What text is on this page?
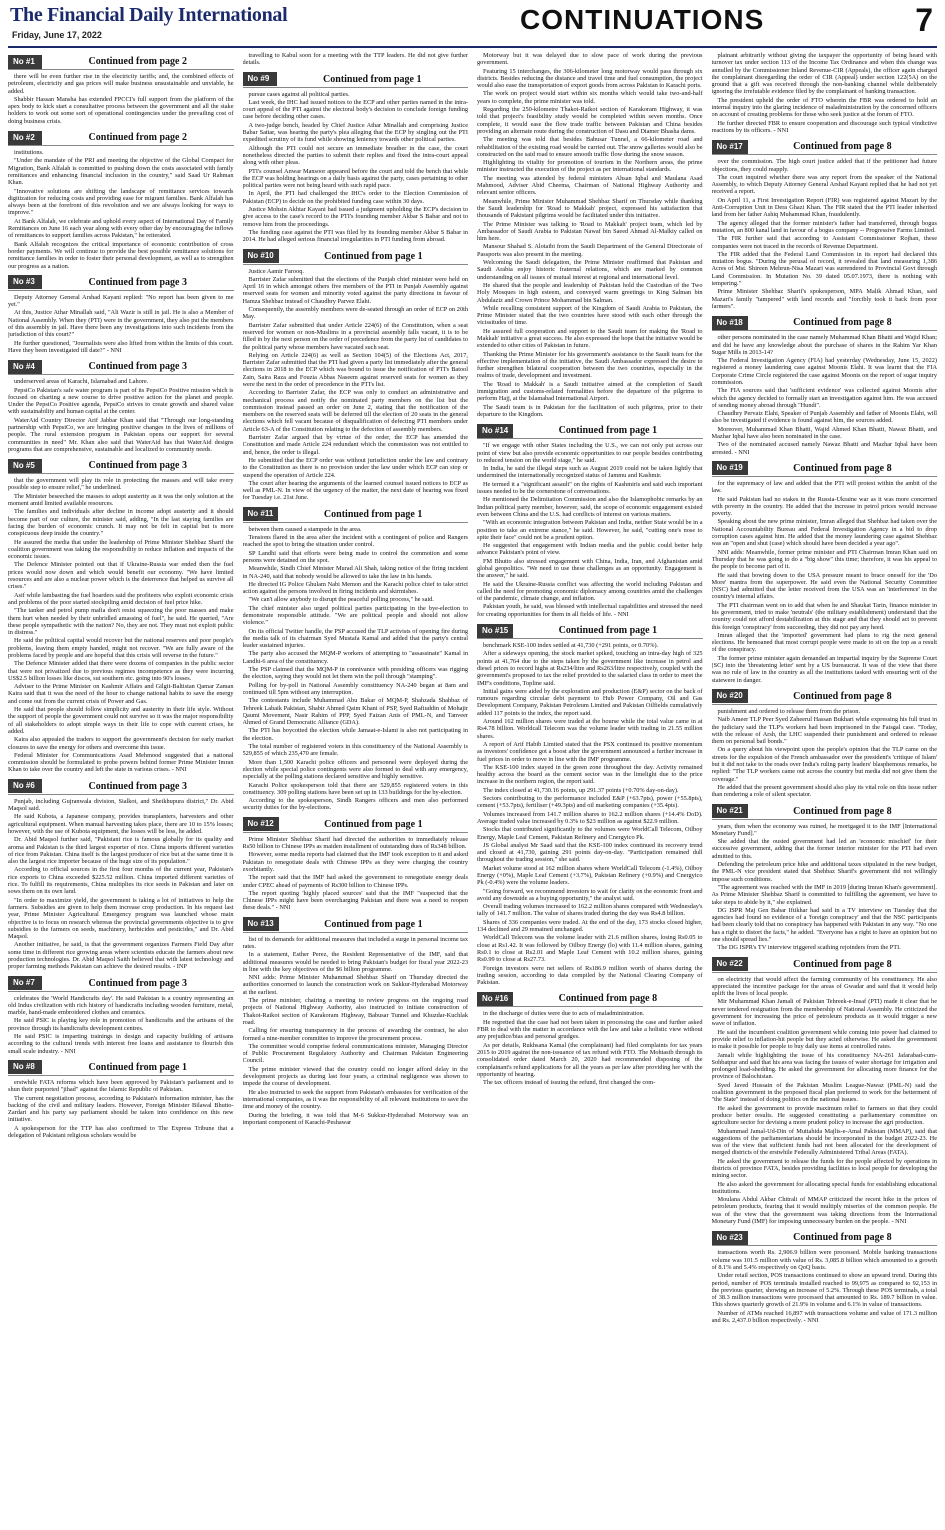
The Financial Daily International
Friday, June 17, 2022	CONTINUATIONS	7
No #1	Continued from page 2

there will be even further rise in the electricity tariffs; and, the combined effects of petroleum, electricity and gas prices will make business unsustainable and unviable, he added.

Shabbir Hassan Mansha has extended FPCCI's full support from the platform of the apex body to kick start a consultative process between the government and all the stake holders to work out some sort of operational contingencies under the prevailing cost of doing business crisis.

No #2	Continued from page 2

institutions.

"Under the mandate of the PRI and meeting the objective of the Global Compact for Migration, Bank Alfalah is committed to pushing down the costs associated with family remittances and enhancing financial inclusion in the country," said Saad Ur Rahman Khan.

"Innovative solutions are shifting the landscape of remittance services towards digitization for reducing costs and providing ease for migrant families. Bank Alfalah has always been at the forefront of this revolution and we are always looking for ways to improve."

At Bank Alfalah, we celebrate and uphold every aspect of International Day of Family Remittances on June 16 each year along with every other day by encouraging the inflows of remittances to support families across Pakistan," he reiterated.

Bank Alfalah recognizes the critical importance of economic contribution of cross border payments. We will continue to provide the best possible remittance solutions for remittance families in order to foster their personal development, as well as to strengthen our progress as a nation.

No #3	Continued from page 3

Deputy Attorney General Arshad Kayani replied: "No report has been given to me yet."

At this, Justice Athar Minallah said, "Ali Wazir is still in jail. He is also a Member of National Assembly. When they (PTI) were in the government, they also put the members of this assembly in jail. Have there been any investigations into such incidents from the jurisdiction of this court?"

He further questioned, "Journalists were also lifted from within the limits of this court. Have they been investigated till date?" - NNI

No #4	Continued from page 3

underserved areas of Karachi, Islamabad and Lahore.

PepsiCo Pakistan's safe water program is part of its PepsiCo Positive mission which is focused on charting a new course to drive positive action for the planet and people. Under the PepsiCo Positive agenda, PepsiCo strives to create growth and shared value with sustainability and human capital at the center.

WaterAid Country Director Arif Jabbar Khan said that "Through our long-standing partnership with PepsiCo, we are bringing positive changes in the lives of millions of people. The rural extension program in Pakistan opens our support for several communities in need" Mr. Khan also said that WaterAid has that WaterAid designs programs that are comprehensive, sustainable and localized to community needs.

No #5	Continued from page 3

that the government will play its role in protecting the masses and will take every possible step to ensure relief," he underlined.

The Minister beseeched the masses to adopt austerity as it was the only solution at the moment amid limited available resources.

The families and individuals after decline in income adopt austerity and it should become part of our culture, the minister said, adding, "In the last staying families are facing the burden of economic crunch. It may not be felt in capital but is more conspicuous deep inside the country."

He assured the media that under the leadership of Prime Minister Shehbaz Sharif the coalition government was taking the responsibility to reduce inflation and impacts of the economic issues.

The Defence Minister pointed out that if Ukraine-Russia war ended then the fuel prices would now down and which would benefit our economy. "We have limited resources and are also a nuclear power which is the deterrence that helped us survive all crises."

Asif while lambasting the fuel hoarders said the profiteers who exploit economic crisis and problems of the poor started stockpiling amid decision of fuel price hike.

"The tanker and petrol pump mafia don't resist squeezing the poor masses and make them hurt when needed by their unbridled amassing of fuel", he said. He queried, "Are these people sympathetic with the nation? No, they are not. They must not exploit public in distress."

He said the political capital would recover but the national reserves and poor people's problems, leaving them empty handed, might not recover. "We are fully aware of the problems faced by people and are hopeful that this crisis will reverse in the future."

The Defence Minister added that there were dozens of companies in the public sector that were not privatized due to previous regimes incompetence as they were incurring US$2.5 billion losses like discos, sui southern etc. going into 90's losses.

Adviser to the Prime Minister on Kashmir Affairs and Gilgit-Baltistan Qamar Zaman Kaira said that it was the need of the hour to change national habits to save the energy and come out from the current crisis of Power and Gas.

He said that people should follow simplicity and austerity in their life style. Without the support of people the government could not survive so it was the major responsibility of all stakeholders to adopt simple ways in their life to cope with current crises, he added.

Kaira also appealed the traders to support the government's decision for early market closures to save the energy for others and overcome this issue.

Federal Minister for Communications Asad Mehmood suggested that a national commission should be formulated to probe powers behind former Prime Minister Imran Khan to take over the country and left the state in various crises. - NNI

No #6	Continued from page 3

Punjab, including Gujranwala division, Sialkot, and Sheikhupura district," Dr. Abid Maqsol said.

He said Kubota, a Japanese company, provides transplanters, harvesters and other agricultural equipment. When manual harvesting takes place, there are 10 to 15% losses; however, with the use of Kubota equipment, the losses will be less, he added.

Dr. Abid Maqsol further said, "Pakistani rice is famous globally for its quality and aroma and Pakistan is the third largest exporter of rice. China imports different varieties of rice from Pakistan. China itself is the largest producer of rice but at the same time it is also the largest rice importer because of the huge size of its population."

According to official sources in the first four months of the current year, Pakistan's rice exports to China exceeded $225.52 million. China imported different varieties of rice. To fulfill its requirements, China multiplies its rice seeds in Pakistan and later on sows them on its own land.

"In order to maximize yield, the government is taking a lot of initiatives to help the farmers. Subsidies are given to help them increase crop production. In his request last year, Prime Minister Agricultural Emergency program was launched whose main objective is to focus on research whereas the provincial governments objective is to give subsidies to the farmers on seeds, machinery, herbicides and pesticides," and Dr. Abid Maqsol.

Another initiative, he said, is that the government organizes Farmers Field Day after some time in different rice growing areas where scientists educate the farmers about new production technologies. Dr. Abid Maqsol Saith believed that with latest technology and proper farming methods Pakistan can achieve the desired results. - INP

No #7	Continued from page 3

celebrates the 'World Handicrafts day'. He said Pakistan is a country representing an old Indus civilization with rich history of handicrafts including wooden furniture, metal, marble, hand-made embroidered clothes and ceramics.

He said PSIC is playing key role in promotion of handicrafts and the artisans of the province through its handicrafts development centres.

He said PSIC is imparting trainings in design and capacity building of artisans according to the cultural trends with interest free loans and assistance to flourish this small scale industry. - NNI

No #8	Continued from page 1

erstwhile FATA reforms which have been approved by Pakistan's parliament and to shun their purported "jihad" against the Islamic Republic of Pakistan.

The current negotiation process, according to Pakistan's information minister, has the backing of the civil and military leaders. However, Foreign Minister Bilawal Bhutto-Zardari and his party say parliament should be taken into confidence on this new initiative.

A spokesperson for the TTP has also confirmed to The Express Tribune that a delegation of Pakistani religious scholars would be

travelling to Kabul soon for a meeting with the TTP leaders. He did not give further details.

No #9	Continued from page 1

pursue cases against all political parties.

Last week, the IHC had issued notices to the ECP and other parties named in the intra-court appeal of the PTI against the electoral body's decision to conclude foreign funding case before deciding other cases.

A two-judge bench, headed by Chief Justice Athar Minallah and comprising Justice Babar Sattar, was hearing the party's plea alleging that the ECP by singling out the PTI expedited scrutiny of its fund while showing leniency towards other political parties.

Although the PTI could not secure an immediate breather in the case, the court nonetheless directed the parties to submit their replies and fixed the intra-court appeal along with other pleas.

PTI's counsel Anwar Mansoor appeared before the court and told the bench that while the ECP was holding hearings on a daily basis against the party, cases pertaining to other political parties were not being heard with such rapid pace.

In April, the PTI had challenged the IHC's order to the Election Commission of Pakistan (ECP) to decide on the prohibited funding case within 30 days.

Justice Mohsin Akhtar Kayani had issued a judgment upholding the ECP's decision to give access to the case's record to the PTI's founding member Akbar S Babar and not to remove him from the proceedings.

The funding case against the PTI was filed by its founding member Akbar S Babar in 2014. He had alleged serious financial irregularities in PTI funding from abroad.

No #10	Continued from page 1

Justice Aamir Farooq.

Barrister Zafar submitted that the elections of the Punjab chief minister were held on April 16 in which amongst others five members of the PTI in Punjab Assembly against reserved seats for women and minority voted against the party directions in favour of Hamza Shehbaz instead of Chaudhry Parvez Elahi.

Consequently, the assembly members were de-seated through an order of ECP on 20th May.

Barrister Zafar submitted that under Article 224(6) of the Constitution, when a seat reserved for women or non-Muslims in a provincial assembly falls vacant, it is to be filled in by the next person on the order of precedence from the party list of candidates to the political party whose members have vacated such seat.

Relying on Article 224(6) as well as Section 104(5) of the Elections Act, 2017, Barrister Zafar submitted that the PTI had given a party list immediately after the general elections in 2018 to the ECP which was bound to issue the notification of PTI's Batool Zain, Saira Raza and Fouzia Abbas Naseem against reserved seats for women as they were the next in the order of precedence in the PTI's list.

According to Barrister Zafar, the ECP was only to conduct an administrative and mechanical process and notify the nominated party members on the list but the commission instead passed an order on June 2, stating that the notification of the members on the reserved seats will be deferred till the election of 20 seats in the general elections which fell vacant because of disqualification of defecting PTI members under Article 63-A of the Constitution relating to the defection of assembly members.

Barrister Zafar argued that by virtue of the order, the ECP has amended the Constitution and made Article 224 redundant which the commission was not entitled to and, hence, the order is illegal.

He submitted that the ECP order was without jurisdiction under the law and contrary to the Constitution as there is no provision under the law under which ECP can stop or suspend the operation of Article 224.

The court after hearing the arguments of the learned counsel issued notices to ECP as well as PML-N. In view of the urgency of the matter, the next date of hearing was fixed for Tuesday i.e. 21st June.

No #11	Continued from page 1

between them caused a stampede in the area.

Tensions flared in the area after the incident with a contingent of police and Rangers reached the spot to bring the situation under control.

SP Landhi said that efforts were being made to control the commotion and some persons were detained on the spot.

Meanwhile, Sindh Chief Minister Murad Ali Shah, taking notice of the firing incident in NA-240, said that nobody would be allowed to take the law in his hands.

He directed IG Police Ghulam Nabi Memon and the Karachi police chief to take strict action against the persons involved in firing incidents and skirmishes.

"We can't allow anybody to disrupt the peaceful polling process," he said.

The chief minister also urged political parties participating in the bye-election to demonstrate responsible attitude. "We are political people and should not allow violence."

On its official Twitter handle, the PSP accused the TLP activists of opening fire during the media talk of its chairman Syed Mustafa Kamal and added that the party's central leader sustained injuries.

The party also accused the MQM-P workers of attempting to "assassinate" Kamal in Landhi-6 area of the constituency.

The PSP claimed that the MQM-P in connivance with presiding officers was rigging the election, saying they would not let them win the poll through "stamping".

Polling for by-poll in National Assembly constituency NA-240 began at 8am and continued till 5pm without any interruption.

The contestants include Muhammad Abu Bakar of MQM-P, Shahzada Shahbaz of Tehreek Labaik Pakistan, Shabir Ahmed Qaim Khani of PSP, Syed Rafiuddin of Mohajir Qaumi Movement, Nasir Rahim of PPP, Syed Faizan Anis of PML-N, and Tanveer Ahmed of Grand Democratic Alliance (GDA).

The PTI has boycotted the election while Jamaat-e-Islami is also not participating in the election.

The total number of registered voters in this constituency of the National Assembly is 529,855 of which 235,470 are female.

More than 1,500 Karachi police officers and personnel were deployed during the election while special police contingents were also formed to deal with any emergency, especially at the polling stations declared sensitive and highly sensitive.

Karachi Police spokesperson told that there are 529,855 registered voters in this constituency. 309 polling stations have been set up in 133 buildings for the by-election.

According to the spokesperson, Sindh Rangers officers and men also performed security duties for the by-elections.

No #12	Continued from page 1

Prime Minister Shehbaz Sharif had directed the authorities to immediately release Rs50 billion to Chinese IPPs as maiden installment of outstanding dues of Rs348 billion.

However, some media reports had claimed that the IMF took exception to it and asked Pakistan to renegotiate deals with Chinese IPPs as they were charging the country exorbitantly.

The report said that the IMF had asked the government to renegotiate energy deals under CPEC ahead of payments of Rs300 billion to Chinese IPPs.

The report quoting 'highly placed sources' said that the IMF "suspected that the Chinese IPPs might have been overcharging Pakistan and there was a need to reopen these deals." - NNI

No #13	Continued from page 1

list of its demands for additional measures that included a surge in personal income tax rates.

In a statement, Esther Perez, the Resident Representative of the IMF, said that additional measures would be needed to bring Pakistan's budget for fiscal year 2022-23 in line with the key objectives of the $6 billion programme.

NNI adds: Prime Minister Muhammad Shehbaz Sharif on Thursday directed the authorities concerned to launch the construction work on Sukkur-Hyderabad Motorway at the earliest.

The prime minister, chairing a meeting to review progress on the ongoing road projects of National Highway Authority, also instructed to initiate construction of Thakot-Raikot section of Karakoram Highway, Babusar Tunnel and Khuzdar-Kuchlak road.

Calling for ensuring transparency in the process of awarding the contract, he also formed a nine-member committee to improve the procurement process.

The committee would comprise federal communications minister, Managing Director of Public Procurement Regulatory Authority and Chairman Pakistan Engineering Council.

The prime minister viewed that the country could no longer afford delay in the development projects as during last four years, a criminal negligence was shown to impede the course of development.

He also instructed to seek the support from Pakistan's embassies for verification of the international companies, as it was the responsibility of all relevant institutions to save the time and money of the country.

During the briefing, it was told that M-6 Sukkur-Hyderabad Motorway was an important component of Karachi-Peshawar

Motorway but it was delayed due to slow pace of work during the previous government.

Featuring 15 interchanges, the 306-kilometer long motorway would pass through six districts. Besides reducing the distance and travel time and fuel consumption, the project would also ease the transportation of export goods from across Pakistan to Karachi ports.

The work on project would start within six months which would take two-and-half years to complete, the prime minister was told.

Regarding the 250-kilometre Thakot-Raikot section of Karakoram Highway, it was told that project's feasibility study would be completed within seven months. Once complete, it would ease the flow trade traffic between Pakistan and China besides providing an alternate route during the construction of Dasu and Diamer Bhasha dams.

The meeting was told that besides Babusar Tunnel, a 66-kilometer road and rehabilitation of the existing road would be carried out. The snow galleries would also be constructed on the said road to ensure smooth traffic flow during the snow season.

Highlighting its vitality for promotion of tourism in the Northern areas, the prime minister instructed the execution of the project as per international standards.

The meeting was attended by federal ministers Ahsan Iqbal and Maulana Asad Mahmood, Adviser Abid Cheema, Chairman of National Highway Authority and relevant senior officers.

Meanwhile, Prime Minister Muhammad Shehbaz Sharif on Thursday while thanking the Saudi leadership for 'Road to Makkah' project, expressed his satisfaction that thousands of Pakistani pilgrims would be facilitated under this initiative.

The Prime Minister was talking to 'Road to Makkah' project team, which led by Ambassador of Saudi Arabia to Pakistan Nawaf bin Saeed Ahmad Al-Malkiy called on him here.

Mansour Shahad S. Alotaibi from the Saudi Department of the General Directorate of Passports was also present in the meeting.

Welcoming the Saudi delegation, the Prime Minister reaffirmed that Pakistan and Saudi Arabia enjoy historic fraternal relations, which are marked by common understanding on all issues of mutual interest at regional and international level.

He shared that the people and leadership of Pakistan hold the Custodian of the Two Holy Mosques in high esteem, and conveyed warm greetings to King Salman bin Abdulaziz and Crown Prince Mohammad bin Salman.

While recalling consistent support of the Kingdom of Saudi Arabia to Pakistan, the Prime Minister stated that the two countries have stood with each other through the vicissitudes of time.

He assured full cooperation and support to the Saudi team for making the 'Road to Makkah' initiative a great success. He also expressed the hope that the initiative would be extended to other cities of Pakistan in future.

Thanking the Prime Minister for his government's assistance to the Saudi team for the effective implementation of the initiative, the Saudi Ambassador expressed the desire to further strengthen bilateral cooperation between the two countries, especially in the realms of trade, development and investment.

The 'Road to Makkah' is a Saudi initiative aimed at the completion of Saudi immigration and customs-related formalities before the departure of the pilgrims to perform Hajj, at the Islamabad International Airport.

The Saudi team is in Pakistan for the facilitation of such pilgrims, prior to their departure to the Kingdom.

No #14	Continued from page 1

"If we engage with other States including the U.S., we can not only put across our point of view but also provide economic opportunities to our people besides contributing to reduced tension on the world stage," he said.

In India, he said the illegal steps such as August 2019 could not be taken lightly that undermined the internationally recognized status of Jammu and Kashmir.

He termed it a "significant assault" on the rights of Kashmiris and said such important issues needed to be the cornerstone of conversations.

He mentioned the Delimitation Commission and also the Islamophobic remarks by an Indian political party member, however, said, the scope of economic engagement existed even between China and the U.S. had conflicts of interest on various matters.

"With an economic integration between Pakistan and India, neither State would be in a position to take an extreme stance," he said. However, he said, "cutting one's nose to spite their face" could not be a prudent option.

He suggested that engagement with Indian media and the public could better help advance Pakistan's point of view.

FM Bhutto also stressed engagement with China, India, Iran, and Afghanistan amid global geopolitics. "We need to use these challenges as an opportunity. Engagement is the answer," he said.

He said the Ukraine-Russia conflict was affecting the world including Pakistan and called the need for promoting economic diplomacy among countries amid the challenges of the pandemic, climate change, and inflation.

Pakistan youth, he said, was blessed with intellectual capabilities and stressed the need for creating opportunities for them in all fields of life. - NNI

No #15	Continued from page 1

benchmark KSE-100 index settled at 41,730 (+291 points, or 0.70%).

After a sideways opening, the stock market spiked, touching an intra-day high of 325 points at 41,764 due to the steps taken by the government like increase in petrol and diesel prices to record highs at Rs234/litre and Rs263/litre respectively, coupled with the government's proposed to tax the relief provided to the salaried class in order to meet the IMF's conditions, Topline said.

Initial gains were aided by the exploration and production (E&P) sector on the back of rumours regarding circular debt payment to Hub Power Company, Oil and Gas Development Company, Pakistan Petroleum Limited and Pakistan Oilfields cumulatively added 117 points to the index, the report said.

Around 162 million shares were traded at the bourse while the total value came in at Rs4.78 billion. Worldcall Telecom was the volume leader with trading in 21.55 million shares.

A report of Arif Habib Limited stated that the PSX continued its positive momentum as investors' confidence got a boost after the government announced a further increase in fuel prices in order to move in line with the IMF programme.

The KSE-100 index stayed in the green zone throughout the day. Activity remained healthy across the board as the cement sector was in the limelight due to the price increase in the northern region, the report said.

The index closed at 41,730.16 points, up 291.37 points (+0.70% day-on-day).

Sectors contributing to the performance included E&P (+63.7pts), power (+55.8pts), cement (+53.7pts), fertiliser (+49.3pts) and oil marketing companies (+35.4pts).

Volumes increased from 141.7 million shares to 162.2 million shares (+14.4% DoD). Average traded value increased by 0.3% to $23 million as against $22.9 million.

Stocks that contributed significantly to the volumes were WorldCall Telecom, Oilboy Energy, Maple Leaf Cement, Pakistan Refinery and Cnergyico Pk.

JS Global analyst Mr Saad said that the KSE-100 index continued its recovery trend and closed at 41,730, gaining 291 points day-on-day. "Participation remained dull throughout the trading session," she said.

Market volume stood at 162 million shares where WorldCall Telecom (-1.4%), Oilboy Energy (+0%), Maple Leaf Cement (+3.7%), Pakistan Refinery (+0.9%) and Cnergyico Pk (-0.4%) were the volume leaders.

"Going forward, we recommend investors to wait for clarity on the economic front and avoid any downside as a buying opportunity," the analyst said.

Overall trading volumes increased to 162.2 million shares compared with Wednesday's tally of 141.7 million. The value of shares traded during the day was Rs4.8 billion.

Shares of 336 companies were traded. At the end of the day, 173 stocks closed higher, 134 declined and 29 remained unchanged.

WorldCall Telecom was the volume leader with 21.6 million shares, losing Rs0.05 to close at Rs1.42. It was followed by Oilboy Energy (lo) with 11.4 million shares, gaining Rs0.1 to close at Rs2.01 and Maple Leaf Cement with 10.2 million shares, gaining Rs0.99 to close at Rs27.73.

Foreign investors were net sellers of Rs186.9 million worth of shares during the trading session, according to data compiled by the National Clearing Company of Pakistan.

No #16	Continued from page 8

in the discharge of duties were due to acts of maladministration.

He regretted that the case had not been taken in processing the case and further asked FBR to deal with the matter in accordance with the law and take a holistic view without any prejudice/bias and personal grudges.

As per details, Rukhsana Kamal (the complainant) had filed complaints for tax years 2015 to 2019 against the non-issuance of tax refund with FTO. The Mohtasib through its consolidated order dated March 20, 2020 had recommended disposing of the complainant's refund applications for all the years as per law after providing her with the opportunity of hearing.

The tax officers instead of issuing the refund, first changed the com-

plainant arbitrarily without giving the taxpayer the opportunity of being heard with turnover tax under section 113 of the Income Tax Ordinance and when this change was annulled by the Commissioner Inland Revenue-CIR (Appeals), the officer again charged the complainant disregarding the order of CIR (Appeal) under section 122(5A) on the ground that a gift was received through the non-banking channel while deliberately ignoring the irrefutable evidence filed by the complainant of banking transaction.

The president upheld the order of FTO wherein the FBR was ordered to hold an internal inquiry into the glaring incidence of maladministration by the concerned officers on account of creating problems for those who seek justice at the forum of FTO.

He further directed FBR to ensure cooperation and discourage such typical vindictive reactions by its officers. - NNI

No #17	Continued from page 8

over the commission. The high court justice added that if the petitioner had future objections, they could reapply.

The court inquired whether there was any report from the speaker of the National Assembly, to which Deputy Attorney General Arshad Kayani replied that he had not yet received a report.

On April 11, a First Investigation Report (FIR) was registered against Mazari by the Anti-Corruption Unit in Dera Ghazi Khan. The FIR stated that the PTI leader inherited land from her father Ashiq Muhammad Khan, fraudulently.

The agency alleged that the former minister's father had transferred, through bogus mutation, an 800 kanal land in favour of a bogus company -- Progressive Farms Limited.

The FIR further said that according to Assistant Commissioner Rojhan, these companies were not traced in the records of Revenue Department.

The FIR added that the Federal Land Commission in its report had declared this mutation bogus. "During the perusal of record, it revealed that land measuring 1,386 Acres of Mst. Shireen Mehrun-Nisa Mazari was surrendered to Provincial Govt through Land Commission. In Mutation No. 39 dated 05.07.1973, there is nothing with tempering."

Prime Minister Shehbaz Sharif's spokesperson, MPA Malik Ahmad Khan, said Mazari's family "tampered" with land records and "forcibly took it back from poor farmers".

No #18	Continued from page 8

other persons nominated in the case namely Muhammad Khan Bhatti and Wajid Khan; and did he have any knowledge about the purchase of shares in the Rahim Yar Khan Sugar Mills in 2013-14?

The Federal Investigation Agency (FIA) had yesterday (Wednesday, June 15, 2022) registered a money laundering case against Moonis Elahi. It was learnt that the FIA Corporate Crime Circle registered the case against Moonis on the report of sugar inquiry commission.

The FIA sources said that 'sufficient evidence' was collected against Moonis after which the agency decided to formally start an investigation against him. He was accused of sending money abroad through "Hundi".

Chaudhry Pervaiz Elahi, Speaker of Punjab Assembly and father of Moonis Elahi, will also be investigated if evidence is found against him, the sources added.

Moreover, Muhammad Khan Bhatti, Wajid Ahmed Khan Bhatti, Nawaz Bhatti, and Mazhar Iqbal have also been nominated in the case.

Two of the nominated accused namely Nawaz Bhatti and Mazhar Iqbal have been arrested. - NNI

No #19	Continued from page 8

for the supremacy of law and added that the PTI will protest within the ambit of the law.

He said Pakistan had no stakes in the Russia-Ukraine war as it was more concerned with poverty in the country. He added that the increase in petrol prices would increase poverty.

Speaking about the new prime minister, Imran alleged that Shehbaz had taken over the National Accountability Bureau and Federal Investigation Agency in a bid to drop corruption cases against him. He added that the money laundering case against Shehbaz was an "open and shut (case) which should have been decided a year ago".

NNI adds: Meanwhile, former prime minister and PTI Chairman Imran Khan said on Thursday that he was going to do a "big show" this time; therefore, it was his appeal to the people to become part of it.

He said that bowing down to the USA pressure meant to brace oneself for the 'Do More' mantra from the superpower. He said even the National Security Committee (NSC) had admitted that the letter received from the USA was an 'interference' in the country's internal affairs.

The PTI chairman went on to add that when he and Shaukat Tarin, finance minister in his government, tried to make 'neutrals' (the military establishment) understand that the country could not afford destabilization at this stage and that they should act to prevent this foreign 'conspiracy' from succeeding, they did not pay any heed.

Imran alleged that the 'imported' government had plans to rig the next general elections. He bemoaned that most corrupt people were made to sit on the top as a result of the conspiracy.

The former prime minister again demanded an impartial inquiry by the Supreme Court (SC) into the 'threatening letter' sent by a US bureaucrat. It was of the view that there was no rule of law in the country as all the institutions tasked with ensuring writ of the statewere in danger.

No #20	Continued from page 8

punishment and ordered to release them from the prison.

Naib Ameer TLP Peer Syed Zaheerul Hassan Bukhari while expressing his full trust in the judiciary said the TLP's workers had been imprisoned in the Faisgal case. "Today, with the release of Arsh, the LHC suspended their punishment and ordered to release them on personal bail bonds."

On a query about his viewpoint upon the people's opinion that the TLP came on the streets for the expulsion of the French ambassador over the president's 'critique of Islam' but it did not take to the roads over India's ruling party leaders' blasphemous remarks, he replied: "The TLP workers came out across the country but media did not give them the coverage."

He added that the present government should also play its vital role on this issue rather than rendering a role of silent spectator.

No #21	Continued from page 8

years, then when the economy was ruined, he mortgaged it to the IMF [International Monetary Fund]."

She added that the ousted government had led an 'economic mischief' for their successive government, adding that the former interior minister for the PTI had even admitted to this.

Defending the petroleum price hike and additional taxes stipulated in the new budget, the PML-N vice president stated that Shehbaz Sharif's government did not willingly impose such conditions.

"The agreement was reached with the IMF in 2019 [during Imran Khan's government]. As Prime Minister Shehbaz Sharif is committed to fulfilling the agreement, we have to take steps to abide by it," she explained.

DG ISPR Maj Gen Babar Iftikhar had said in a TV interview on Tuesday that the agencies had found no evidence of a 'foreign conspiracy' and that the NSC participants had been clearly told that no conspiracy has happened with Pakistan in any way. "No one has a right to distort the facts," he added. "Everyone has a right to have an opinion but no one should spread lies."

The DG ISPR's TV interview triggered scathing rejoinders from the PTI.

No #22	Continued from page 8

on electricity that would affect the farming community of his constituency. He also appreciated the incentive package for the areas of Gwadar and said that it would help uplift the lives of local people.

Mir Muhammad Khan Jamali of Pakistan Tehreek-e-Insaf (PTI) made it clear that he never tendered resignation from the membership of National Assembly. He criticized the government for increasing the price of petroleum products as it would trigger a new wave of inflation.

He said the incumbent coalition government while coming into power had claimed to provide relief to inflation-hit people but they acted otherwise. He asked the government to make it possible for people to buy daily use items at controlled rates.

Jamali while highlighting the issue of his constituency NA-261 Jafarabad-cum-Sohbatpur and said that his area was facing the issues of water shortage for irrigation and prolonged load-shedding. He asked the government for allocating more finance for the province of Balochistan.

Syed Javed Hussain of the Pakistan Muslim League-Nawaz (PML-N) said the coalition government in the proposed fiscal plan preferred to work for the betterment of "the State" instead of doing politics on the national issues.

He asked the government to provide maximum relief to farmers so that they could produce better results. He suggested constituting a parliamentary committee on agriculture sector for devising a more prudent policy to increase the agri production.

Muhammad Jamal-Ud-Din of Muttahida Majlis-e-Amal Pakistan (MMAP), said that suggestions of the parliamentarians should be incorporated in the budget 2022-23. He was of the view that sufficient funds had not been allocated for the development of merged districts of the erstwhile Federally Administered Tribal Areas (FATA).

He asked the government to release the funds for the people affected by operations in districts of province FATA, besides providing facilities to local people for developing the mining sector.

He also asked the government for allocating special funds for establishing educational institutions.

Moulana Abdul Akbar Chitrali of MMAP criticized the recent hike in the prices of petroleum products, fearing that it would multiply miseries of the common people. He was of the view that the government was taking directions from the International Monetary Fund (IMF) for imposing unnecessary burden on the people. - NNI

No #23	Continued from page 8

transactions worth Rs. 2,906.9 billion were processed. Mobile banking transactions volume was 101.5 million with value of Rs. 3,085.8 billion which amounted to a growth of 8.1% and 5.4% respectively on QoQ basis.

Under retail section, POS transactions continued to show an upward trend. During this period, number of POS terminals installed reached to 99,975 as compared to 92,153 in the previous quarter, showing an increase of 5.2%. Through these POS terminals, a total of 38.3 million transactions were processed that amounted to Rs. 189.7 billion in value. This shows quarterly growth of 21.9% in volume and 6.1% in value of transactions.

Number of ATMs reached 16,897 with transactions volume and value of 171.3 million and Rs. 2,437.0 billion respectively. - NNI
